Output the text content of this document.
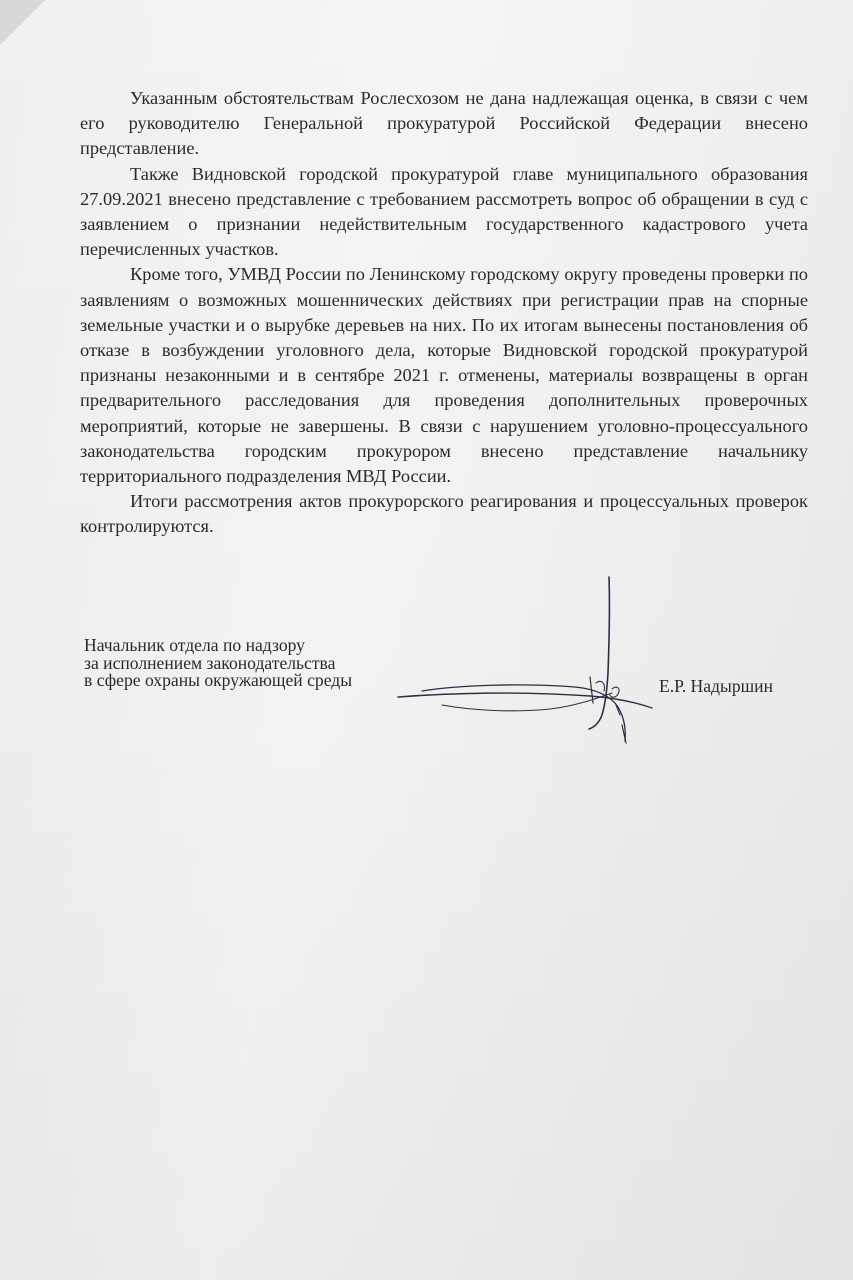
Указанным обстоятельствам Рослесхозом не дана надлежащая оценка, в связи с чем его руководителю Генеральной прокуратурой Российской Федерации внесено представление.

Также Видновской городской прокуратурой главе муниципального образования 27.09.2021 внесено представление с требованием рассмотреть вопрос об обращении в суд с заявлением о признании недействительным государственного кадастрового учета перечисленных участков.

Кроме того, УМВД России по Ленинскому городскому округу проведены проверки по заявлениям о возможных мошеннических действиях при регистрации прав на спорные земельные участки и о вырубке деревьев на них. По их итогам вынесены постановления об отказе в возбуждении уголовного дела, которые Видновской городской прокуратурой признаны незаконными и в сентябре 2021 г. отменены, материалы возвращены в орган предварительного расследования для проведения дополнительных проверочных мероприятий, которые не завершены. В связи с нарушением уголовно-процессуального законодательства городским прокурором внесено представление начальнику территориального подразделения МВД России.

Итоги рассмотрения актов прокурорского реагирования и процессуальных проверок контролируются.

Начальник отдела по надзору
за исполнением законодательства
в сфере охраны окружающей среды	Е.Р. Надыршин
